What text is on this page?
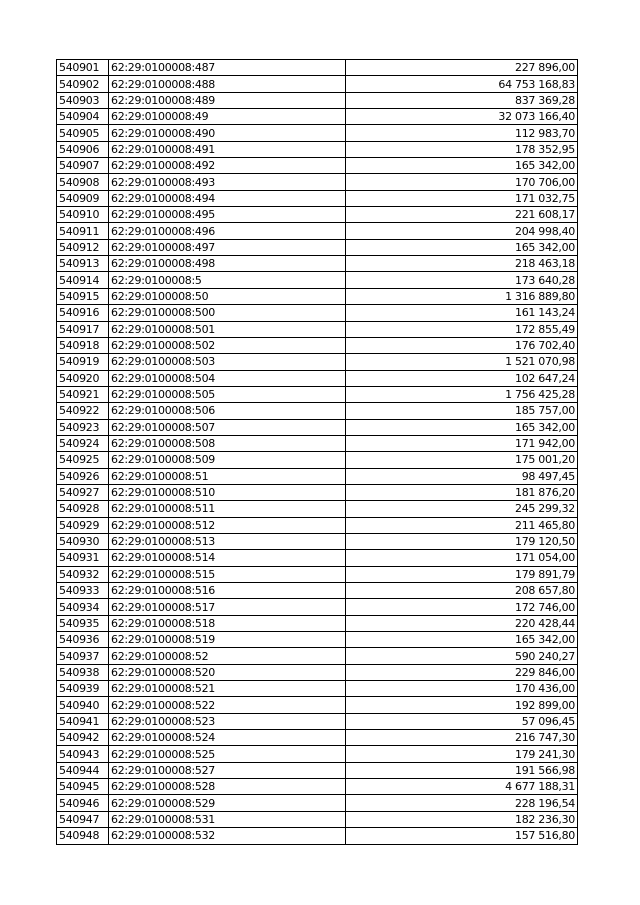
540901	62:29:0100008:487	227 896,00
540902	62:29:0100008:488	64 753 168,83
540903	62:29:0100008:489	837 369,28
540904	62:29:0100008:49	32 073 166,40
540905	62:29:0100008:490	112 983,70
540906	62:29:0100008:491	178 352,95
540907	62:29:0100008:492	165 342,00
540908	62:29:0100008:493	170 706,00
540909	62:29:0100008:494	171 032,75
540910	62:29:0100008:495	221 608,17
540911	62:29:0100008:496	204 998,40
540912	62:29:0100008:497	165 342,00
540913	62:29:0100008:498	218 463,18
540914	62:29:0100008:5	173 640,28
540915	62:29:0100008:50	1 316 889,80
540916	62:29:0100008:500	161 143,24
540917	62:29:0100008:501	172 855,49
540918	62:29:0100008:502	176 702,40
540919	62:29:0100008:503	1 521 070,98
540920	62:29:0100008:504	102 647,24
540921	62:29:0100008:505	1 756 425,28
540922	62:29:0100008:506	185 757,00
540923	62:29:0100008:507	165 342,00
540924	62:29:0100008:508	171 942,00
540925	62:29:0100008:509	175 001,20
540926	62:29:0100008:51	98 497,45
540927	62:29:0100008:510	181 876,20
540928	62:29:0100008:511	245 299,32
540929	62:29:0100008:512	211 465,80
540930	62:29:0100008:513	179 120,50
540931	62:29:0100008:514	171 054,00
540932	62:29:0100008:515	179 891,79
540933	62:29:0100008:516	208 657,80
540934	62:29:0100008:517	172 746,00
540935	62:29:0100008:518	220 428,44
540936	62:29:0100008:519	165 342,00
540937	62:29:0100008:52	590 240,27
540938	62:29:0100008:520	229 846,00
540939	62:29:0100008:521	170 436,00
540940	62:29:0100008:522	192 899,00
540941	62:29:0100008:523	57 096,45
540942	62:29:0100008:524	216 747,30
540943	62:29:0100008:525	179 241,30
540944	62:29:0100008:527	191 566,98
540945	62:29:0100008:528	4 677 188,31
540946	62:29:0100008:529	228 196,54
540947	62:29:0100008:531	182 236,30
540948	62:29:0100008:532	157 516,80
